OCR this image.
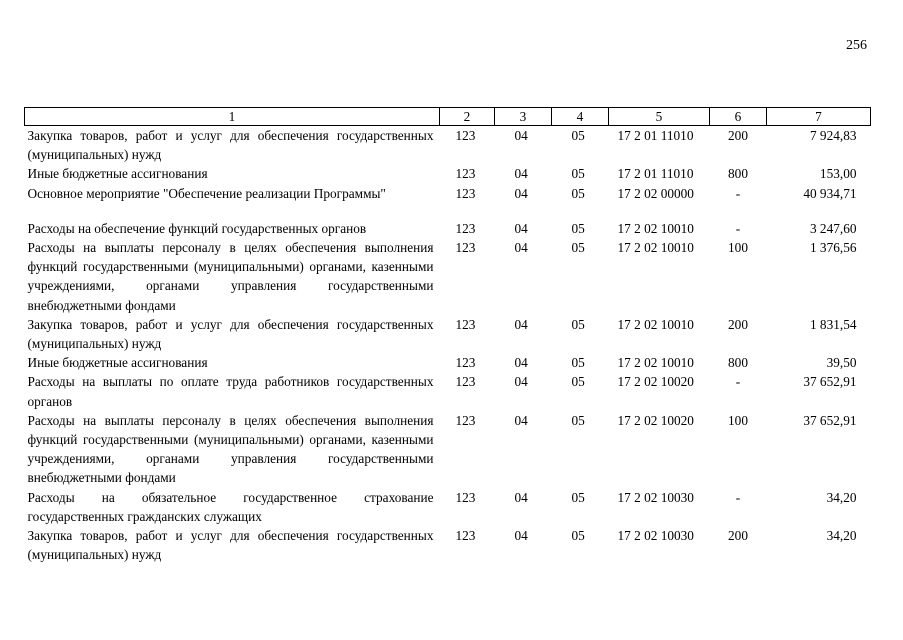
256
1	2	3	4	5	6	7
Закупка товаров, работ и услуг для обеспечения государственных (муниципальных) нужд	123	04	05	17 2 01 11010	200	7 924,83
Иные бюджетные ассигнования	123	04	05	17 2 01 11010	800	153,00
Основное мероприятие "Обеспечение реализации Программы"	123	04	05	17 2 02 00000	-	40 934,71

Расходы на обеспечение функций государственных органов	123	04	05	17 2 02 10010	-	3 247,60
Расходы на выплаты персоналу в целях обеспечения выполнения функций государственными (муниципальными) органами, казенными учреждениями, органами управления государственными внебюджетными фондами	123	04	05	17 2 02 10010	100	1 376,56
Закупка товаров, работ и услуг для обеспечения государственных (муниципальных) нужд	123	04	05	17 2 02 10010	200	1 831,54
Иные бюджетные ассигнования	123	04	05	17 2 02 10010	800	39,50
Расходы на выплаты по оплате труда работников государственных органов	123	04	05	17 2 02 10020	-	37 652,91
Расходы на выплаты персоналу в целях обеспечения выполнения функций государственными (муниципальными) органами, казенными учреждениями, органами управления государственными внебюджетными фондами	123	04	05	17 2 02 10020	100	37 652,91
Расходы на обязательное государственное страхование государственных гражданских служащих	123	04	05	17 2 02 10030	-	34,20
Закупка товаров, работ и услуг для обеспечения государственных (муниципальных) нужд	123	04	05	17 2 02 10030	200	34,20
